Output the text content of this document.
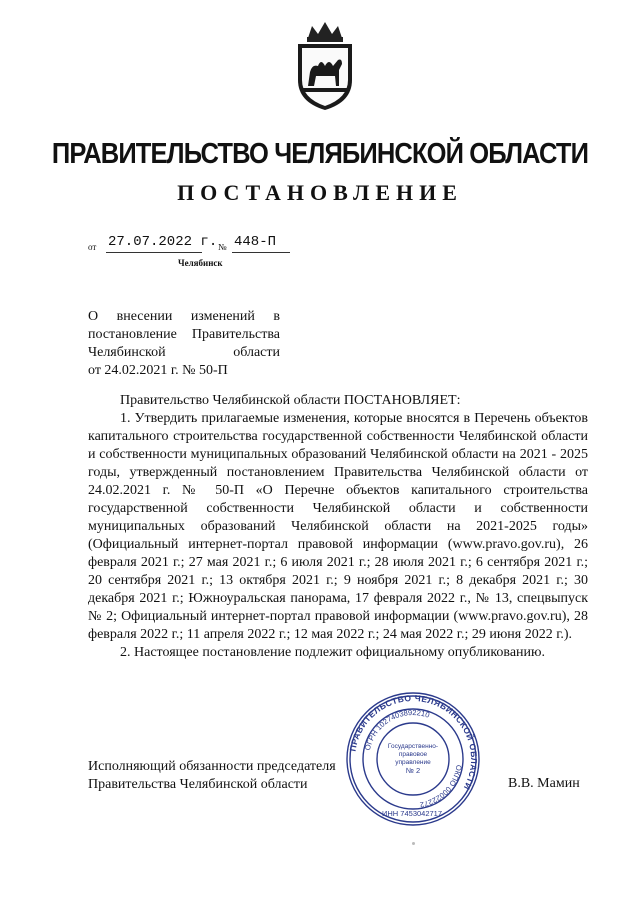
ПРАВИТЕЛЬСТВО ЧЕЛЯБИНСКОЙ ОБЛАСТИ
ПОСТАНОВЛЕНИЕ
от 27.07.2022 г. № 448-П
Челябинск
О внесении изменений в
постановление Правительства
Челябинской области
от 24.02.2021 г. № 50-П

Правительство Челябинской области ПОСТАНОВЛЯЕТ:

1. Утвердить прилагаемые изменения, которые вносятся в Перечень объектов капитального строительства государственной собственности Челябинской области и собственности муниципальных образований Челябинской области на 2021 - 2025 годы, утвержденный постановлением Правительства Челябинской области от 24.02.2021 г. № 50-П «О Перечне объектов капитального строительства государственной собственности Челябинской области и собственности муниципальных образований Челябинской области на 2021-2025 годы» (Официальный интернет-портал правовой информации (www.pravo.gov.ru), 26 февраля 2021 г.; 27 мая 2021 г.; 6 июля 2021 г.; 28 июля 2021 г.; 6 сентября 2021 г.; 20 сентября 2021 г.; 13 октября 2021 г.; 9 ноября 2021 г.; 8 декабря 2021 г.; 30 декабря 2021 г.; Южноуральская панорама, 17 февраля 2022 г., № 13, спецвыпуск № 2; Официальный интернет-портал правовой информации (www.pravo.gov.ru), 28 февраля 2022 г.; 11 апреля 2022 г.; 12 мая 2022 г.; 24 мая 2022 г.; 29 июня 2022 г.).

2. Настоящее постановление подлежит официальному опубликованию.

Исполняющий обязанности председателя
Правительства Челябинской области	В.В. Мамин
ПРАВИТЕЛЬСТВО ЧЕЛЯБИНСКОЙ ОБЛАСТИ
ОГРН 1027403892210
ОКПО 00022272
ИНН 7453042717
Государственно-
правовое
управление
№ 2
